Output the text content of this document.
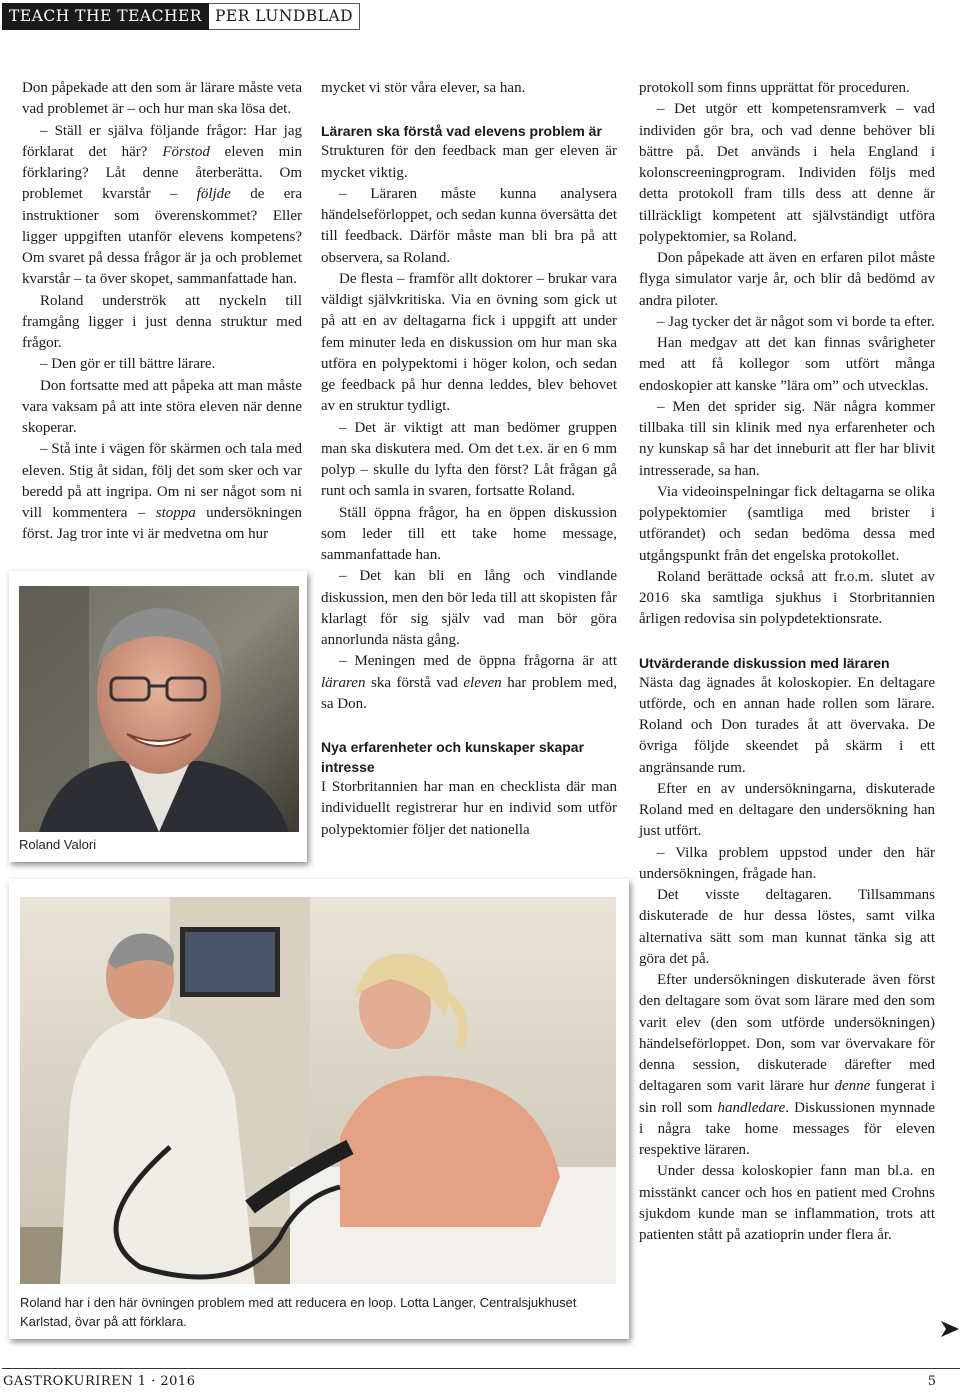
TEACH THE TEACHER PER LUNDBLAD

Don påpekade att den som är lärare måste veta vad problemet är – och hur man ska lösa det.

– Ställ er själva följande frågor: Har jag förklarat det här? Förstod eleven min förklaring? Låt denne återberätta. Om problemet kvarstår – följde de era instruktioner som överenskommet? Eller ligger uppgiften utanför elevens kompetens? Om svaret på dessa frågor är ja och problemet kvarstår – ta över skopet, sammanfattade han.

Roland underströk att nyckeln till framgång ligger i just denna struktur med frågor.

– Den gör er till bättre lärare.

Don fortsatte med att påpeka att man måste vara vaksam på att inte störa eleven när denne skoperar.

– Stå inte i vägen för skärmen och tala med eleven. Stig åt sidan, följ det som sker och var beredd på att ingripa. Om ni ser något som ni vill kommentera – stoppa undersökningen först. Jag tror inte vi är medvetna om hur

mycket vi stör våra elever, sa han.

Läraren ska förstå vad elevens problem är

Strukturen för den feedback man ger eleven är mycket viktig.

– Läraren måste kunna analysera händelseförloppet, och sedan kunna översätta det till feedback. Därför måste man bli bra på att observera, sa Roland.

De flesta – framför allt doktorer – brukar vara väldigt självkritiska. Via en övning som gick ut på att en av deltagarna fick i uppgift att under fem minuter leda en diskussion om hur man ska utföra en polypektomi i höger kolon, och sedan ge feedback på hur denna leddes, blev behovet av en struktur tydligt.

– Det är viktigt att man bedömer gruppen man ska diskutera med. Om det t.ex. är en 6 mm polyp – skulle du lyfta den först? Låt frågan gå runt och samla in svaren, fortsatte Roland.

Ställ öppna frågor, ha en öppen diskussion som leder till ett take home message, sammanfattade han.

– Det kan bli en lång och vindlande diskussion, men den bör leda till att skopisten får klarlagt för sig själv vad man bör göra annorlunda nästa gång.

– Meningen med de öppna frågorna är att läraren ska förstå vad eleven har problem med, sa Don.

Nya erfarenheter och kunskaper skapar intresse

I Storbritannien har man en checklista där man individuellt registrerar hur en individ som utför polypektomier följer det nationella

protokoll som finns upprättat för proceduren.

– Det utgör ett kompetensramverk – vad individen gör bra, och vad denne behöver bli bättre på. Det används i hela England i kolonscreeningprogram. Individen följs med detta protokoll fram tills dess att denne är tillräckligt kompetent att självständigt utföra polypektomier, sa Roland.

Don påpekade att även en erfaren pilot måste flyga simulator varje år, och blir då bedömd av andra piloter.

– Jag tycker det är något som vi borde ta efter.

Han medgav att det kan finnas svårigheter med att få kollegor som utfört många endoskopier att kanske ”lära om” och utvecklas.

– Men det sprider sig. När några kommer tillbaka till sin klinik med nya erfarenheter och ny kunskap så har det inneburit att fler har blivit intresserade, sa han.

Via videoinspelningar fick deltagarna se olika polypektomier (samtliga med brister i utförandet) och sedan bedöma dessa med utgångspunkt från det engelska protokollet.

Roland berättade också att fr.o.m. slutet av 2016 ska samtliga sjukhus i Storbritannien årligen redovisa sin polypdetektionsrate.

Utvärderande diskussion med läraren

Nästa dag ägnades åt koloskopier. En deltagare utförde, och en annan hade rollen som lärare. Roland och Don turades åt att övervaka. De övriga följde skeendet på skärm i ett angränsande rum.

Efter en av undersökningarna, diskuterade Roland med en deltagare den undersökning han just utfört.

– Vilka problem uppstod under den här undersökningen, frågade han.

Det visste deltagaren. Tillsammans diskuterade de hur dessa löstes, samt vilka alternativa sätt som man kunnat tänka sig att göra det på.

Efter undersökningen diskuterade även först den deltagare som övat som lärare med den som varit elev (den som utförde undersökningen) händelseförloppet. Don, som var övervakare för denna session, diskuterade därefter med deltagaren som varit lärare hur denne fungerat i sin roll som handledare. Diskussionen mynnade i några take home messages för eleven respektive läraren.

Under dessa koloskopier fann man bl.a. en misstänkt cancer och hos en patient med Crohns sjukdom kunde man se inflammation, trots att patienten stått på azatioprin under flera år.

Roland Valori
Roland har i den här övningen problem med att reducera en loop. Lotta Langer, Centralsjukhuset Karlstad, övar på att förklara.
GASTROKURIREN 1 · 2016	5
